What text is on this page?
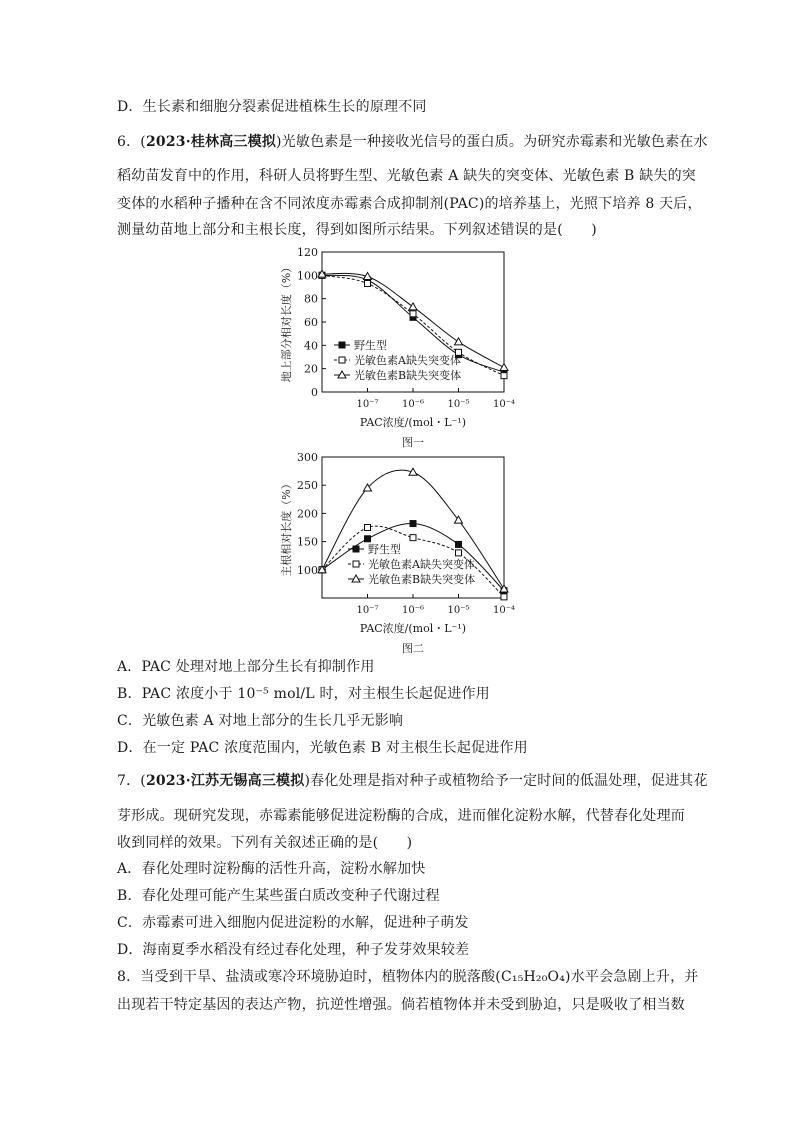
D．生长素和细胞分裂素促进植株生长的原理不同
6．(2023·桂林高三模拟)光敏色素是一种接收光信号的蛋白质。为研究赤霉素和光敏色素在水
稻幼苗发育中的作用，科研人员将野生型、光敏色素 A 缺失的突变体、光敏色素 B 缺失的突
变体的水稻种子播种在含不同浓度赤霉素合成抑制剂(PAC)的培养基上，光照下培养 8 天后，
测量幼苗地上部分和主根长度，得到如图所示结果。下列叙述错误的是(　　)
0
20
40
60
80
100
120
10⁻⁷ 10⁻⁶ 10⁻⁵ 10⁻⁴
野生型
光敏色素A缺失突变体
光敏色素B缺失突变体
地上部分相对长度（%）
PAC浓度/(mol・L⁻¹)
图一
100
150
200
250
300
10⁻⁷ 10⁻⁶ 10⁻⁵ 10⁻⁴
野生型
光敏色素A缺失突变体
光敏色素B缺失突变体
主根相对长度（%）
PAC浓度/(mol・L⁻¹)
图二
A．PAC 处理对地上部分生长有抑制作用
B．PAC 浓度小于 10⁻⁵ mol/L 时，对主根生长起促进作用
C．光敏色素 A 对地上部分的生长几乎无影响
D．在一定 PAC 浓度范围内，光敏色素 B 对主根生长起促进作用
7．(2023·江苏无锡高三模拟)春化处理是指对种子或植物给予一定时间的低温处理，促进其花
芽形成。现研究发现，赤霉素能够促进淀粉酶的合成，进而催化淀粉水解，代替春化处理而
收到同样的效果。下列有关叙述正确的是(　　)
A．春化处理时淀粉酶的活性升高，淀粉水解加快
B．春化处理可能产生某些蛋白质改变种子代谢过程
C．赤霉素可进入细胞内促进淀粉的水解，促进种子萌发
D．海南夏季水稻没有经过春化处理，种子发芽效果较差
8．当受到干旱、盐渍或寒冷环境胁迫时，植物体内的脱落酸(C₁₅H₂₀O₄)水平会急剧上升，并
出现若干特定基因的表达产物，抗逆性增强。倘若植物体并未受到胁迫，只是吸收了相当数
